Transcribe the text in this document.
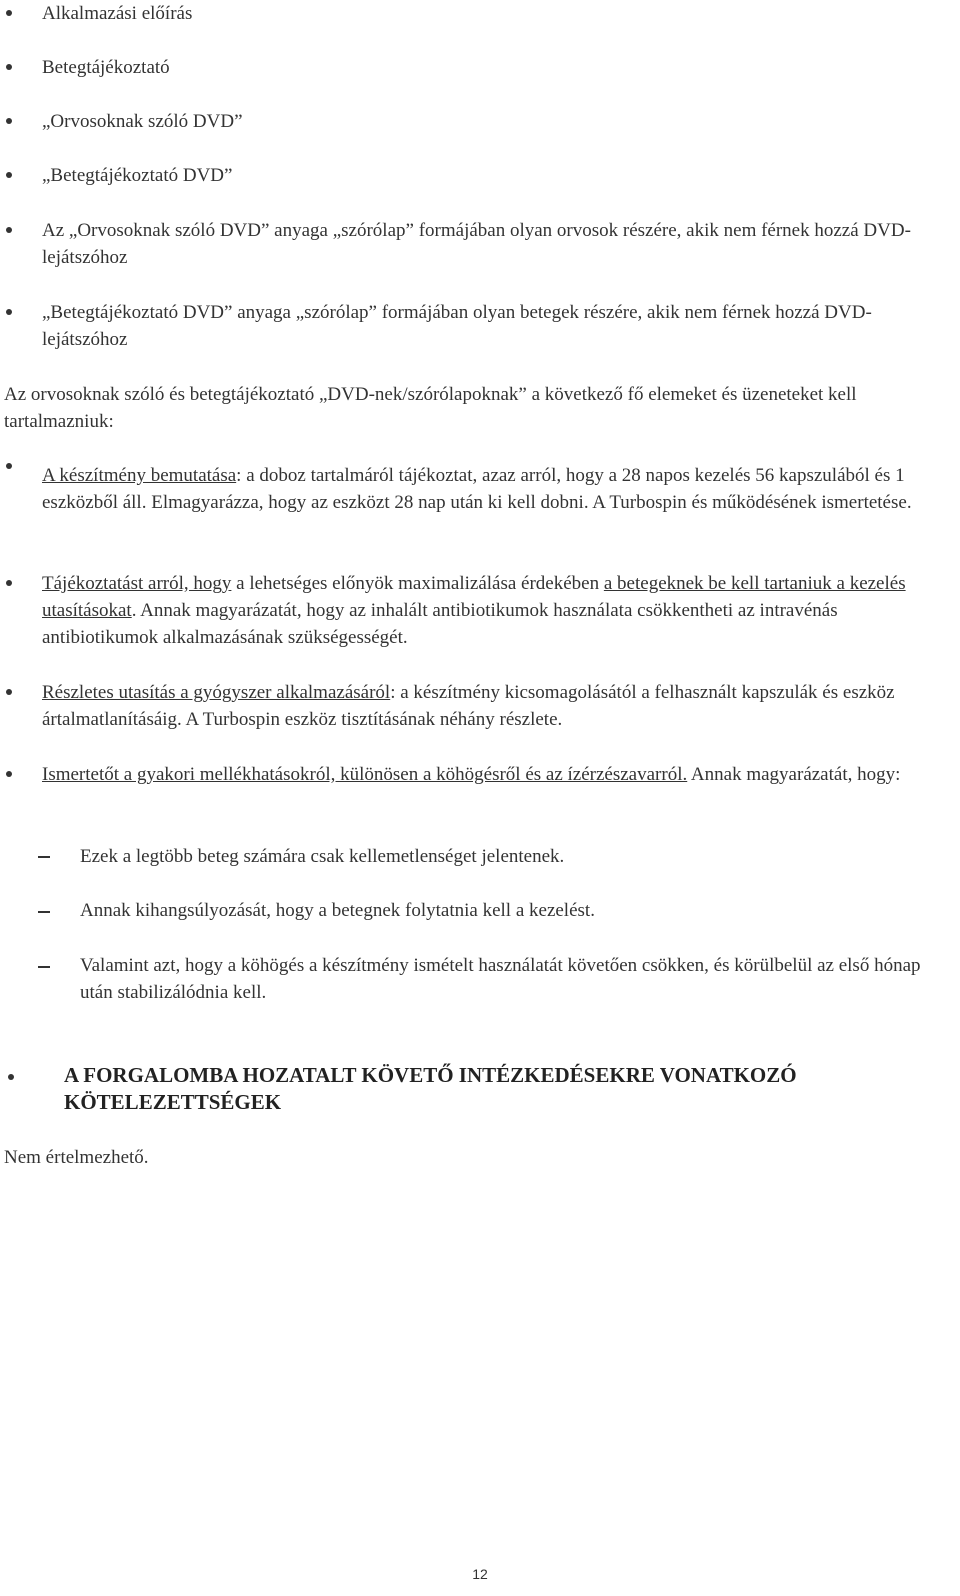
Alkalmazási előírás

Betegtájékoztató

„Orvosoknak szóló DVD”

„Betegtájékoztató DVD”

Az „Orvosoknak szóló DVD” anyaga „szórólap” formájában olyan orvosok részére, akik nem férnek hozzá DVD-lejátszóhoz

„Betegtájékoztató DVD” anyaga „szórólap” formájában olyan betegek részére, akik nem férnek hozzá DVD-lejátszóhoz

Az orvosoknak szóló és betegtájékoztató „DVD-nek/szórólapoknak” a következő fő elemeket és üzeneteket kell tartalmazniuk:

A készítmény bemutatása: a doboz tartalmáról tájékoztat, azaz arról, hogy a 28 napos kezelés 56 kapszulából és 1 eszközből áll. Elmagyarázza, hogy az eszközt 28 nap után ki kell dobni. A Turbospin és működésének ismertetése.

Tájékoztatást arról, hogy a lehetséges előnyök maximalizálása érdekében a betegeknek be kell tartaniuk a kezelés utasításokat. Annak magyarázatát, hogy az inhalált antibiotikumok használata csökkentheti az intravénás antibiotikumok alkalmazásának szükségességét.

Részletes utasítás a gyógyszer alkalmazásáról: a készítmény kicsomagolásától a felhasznált kapszulák és eszköz ártalmatlanításáig. A Turbospin eszköz tisztításának néhány részlete.

Ismertetőt a gyakori mellékhatásokról, különösen a köhögésről és az ízérzészavarról. Annak magyarázatát, hogy:

Ezek a legtöbb beteg számára csak kellemetlenséget jelentenek.

Annak kihangsúlyozását, hogy a betegnek folytatnia kell a kezelést.

Valamint azt, hogy a köhögés a készítmény ismételt használatát követően csökken, és körülbelül az első hónap után stabilizálódnia kell.

A FORGALOMBA HOZATALT KÖVETŐ INTÉZKEDÉSEKRE VONATKOZÓ KÖTELEZETTSÉGEK

Nem értelmezhető.

12
